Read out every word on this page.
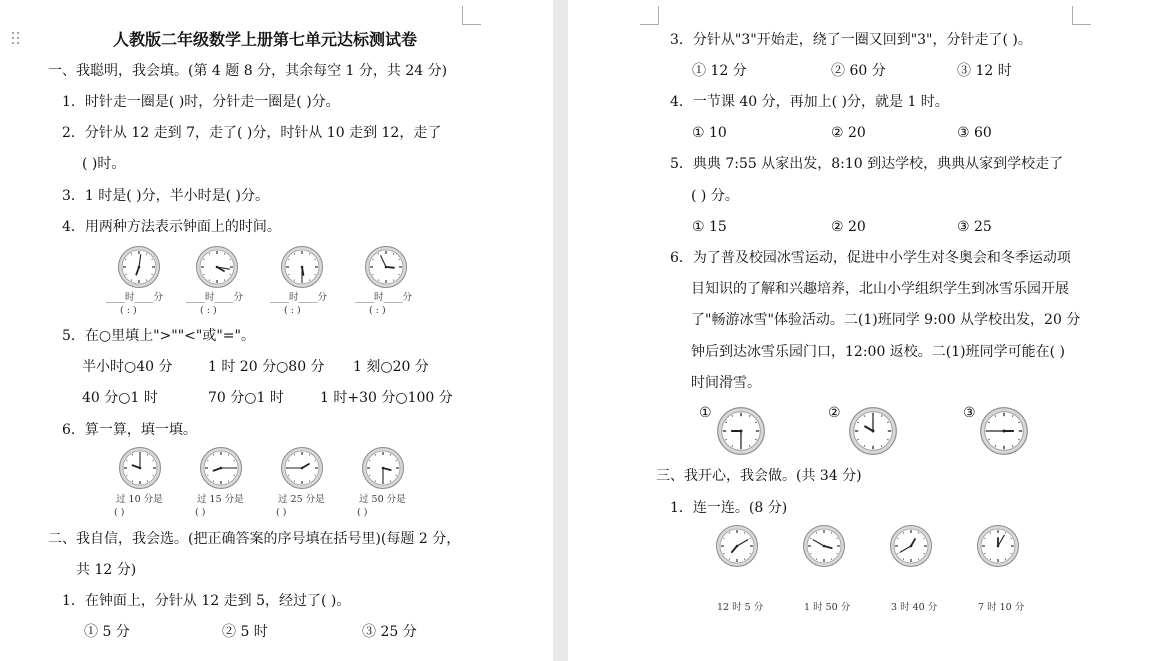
人教版二年级数学上册第七单元达标测试卷
一、我聪明，我会填。(第 4 题 8 分，其余每空 1 分，共 24 分)
1．时针走一圈是( )时，分针走一圈是( )分。
2．分针从 12 走到 7，走了( )分，时针从 10 走到 12，走了
( )时。
3．1 时是( )分，半小时是( )分。
4．用两种方法表示钟面上的时间。
____时____分
( : )
____时____分
( : )
____时____分
( : )
____时____分
( : )
5．在○里填上">""<"或"="。
半小时○40 分	1 时 20 分○80 分 1 刻○20 分
40 分○1 时	70 分○1 时	1 时+30 分○100 分
6．算一算，填一填。
过 10 分是
( )
过 15 分是
( )
过 25 分是
( )
过 50 分是
( )
二、我自信，我会选。(把正确答案的序号填在括号里)(每题 2 分，
共 12 分)
1．在钟面上，分针从 12 走到 5，经过了( )。
① 5 分	② 5 时	③ 25 分
3．分针从"3"开始走，绕了一圈又回到"3"，分针走了( )。
① 12 分	② 60 分	③ 12 时
4．一节课 40 分，再加上( )分，就是 1 时。
① 10	② 20	③ 60
5．典典 7:55 从家出发，8:10 到达学校，典典从家到学校走了
( ) 分。
① 15	② 20	③ 25
6．为了普及校园冰雪运动，促进中小学生对冬奥会和冬季运动项
目知识的了解和兴趣培养，北山小学组织学生到冰雪乐园开展
了"畅游冰雪"体验活动。二(1)班同学 9:00 从学校出发，20 分
钟后到达冰雪乐园门口，12:00 返校。二(1)班同学可能在( )
时间滑雪。
①	②	③
三、我开心，我会做。(共 34 分)
1．连一连。(8 分)
12 时 5 分	1 时 50 分	3 时 40 分	7 时 10 分
